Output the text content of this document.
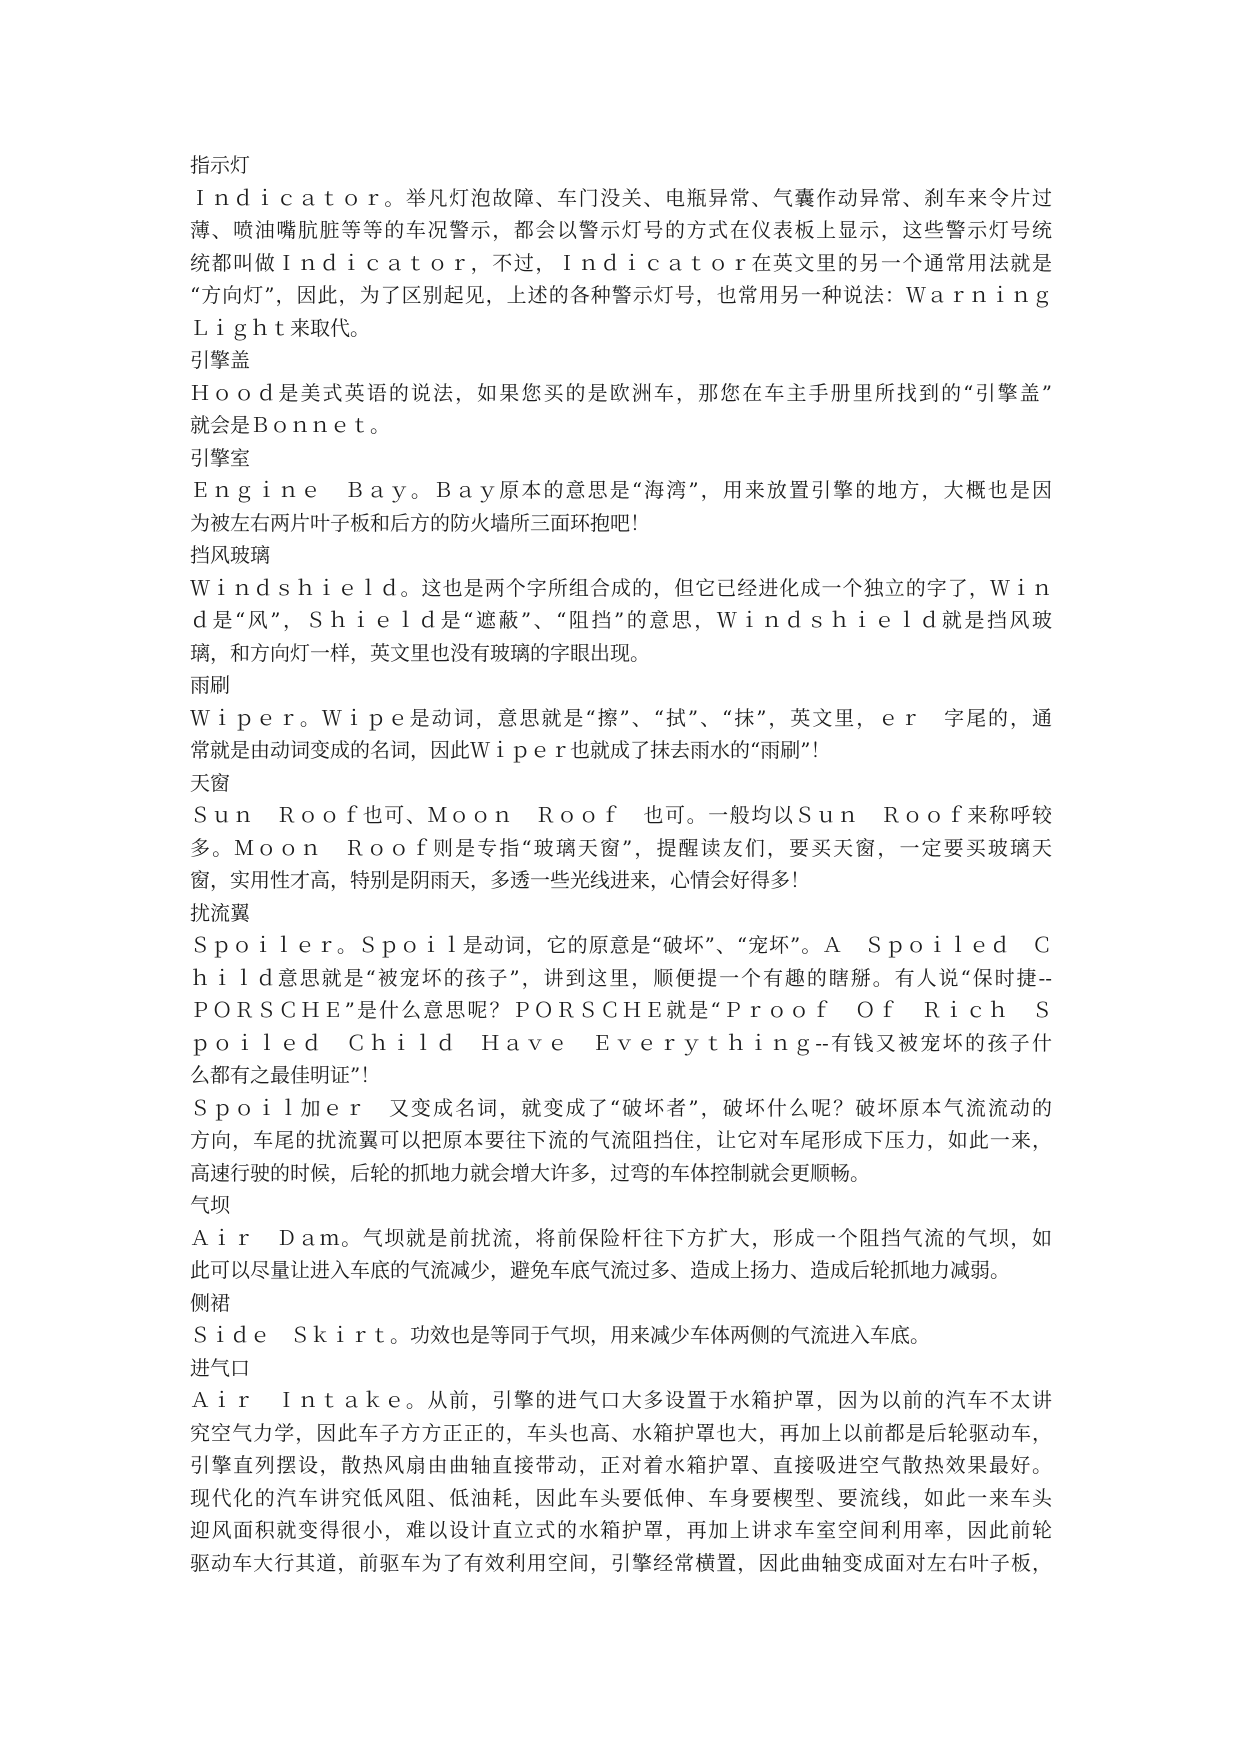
指示灯
Ｉｎｄｉｃａｔｏｒ。举凡灯泡故障、车门没关、电瓶异常、气囊作动异常、刹车来令片过
薄、喷油嘴肮脏等等的车况警示，都会以警示灯号的方式在仪表板上显示，这些警示灯号统
统都叫做Ｉｎｄｉｃａｔｏｒ，不过，Ｉｎｄｉｃａｔｏｒ在英文里的另一个通常用法就是
“方向灯”，因此，为了区别起见，上述的各种警示灯号，也常用另一种说法：Ｗａｒｎｉｎｇ
Ｌｉｇｈｔ来取代。
引擎盖
Ｈｏｏｄ是美式英语的说法，如果您买的是欧洲车，那您在车主手册里所找到的“引擎盖”
就会是Ｂｏｎｎｅｔ。
引擎室
Ｅｎｇｉｎｅ　Ｂａｙ。Ｂａｙ原本的意思是“海湾”，用来放置引擎的地方，大概也是因
为被左右两片叶子板和后方的防火墙所三面环抱吧！
挡风玻璃
Ｗｉｎｄｓｈｉｅｌｄ。这也是两个字所组合成的，但它已经进化成一个独立的字了，Ｗｉｎ
ｄ是“风”，Ｓｈｉｅｌｄ是“遮蔽”、“阻挡”的意思，Ｗｉｎｄｓｈｉｅｌｄ就是挡风玻
璃，和方向灯一样，英文里也没有玻璃的字眼出现。
雨刷
Ｗｉｐｅｒ。Ｗｉｐｅ是动词，意思就是“擦”、“拭”、“抹”，英文里，ｅｒ　字尾的，通
常就是由动词变成的名词，因此Ｗｉｐｅｒ也就成了抹去雨水的“雨刷”！
天窗
Ｓｕｎ　Ｒｏｏｆ也可、Ｍｏｏｎ　Ｒｏｏｆ　也可。一般均以Ｓｕｎ　Ｒｏｏｆ来称呼较
多。Ｍｏｏｎ　Ｒｏｏｆ则是专指“玻璃天窗”，提醒读友们，要买天窗，一定要买玻璃天
窗，实用性才高，特别是阴雨天，多透一些光线进来，心情会好得多！
扰流翼
Ｓｐｏｉｌｅｒ。Ｓｐｏｉｌ是动词，它的原意是“破坏”、“宠坏”。Ａ　Ｓｐｏｉｌｅｄ　Ｃ
ｈｉｌｄ意思就是“被宠坏的孩子”，讲到这里，顺便提一个有趣的瞎掰。有人说“保时捷--
ＰＯＲＳＣＨＥ”是什么意思呢？ＰＯＲＳＣＨＥ就是“Ｐｒｏｏｆ　Ｏｆ　Ｒｉｃｈ　Ｓ
ｐｏｉｌｅｄ　Ｃｈｉｌｄ　Ｈａｖｅ　Ｅｖｅｒｙｔｈｉｎｇ--有钱又被宠坏的孩子什
么都有之最佳明证”！
Ｓｐｏｉｌ加ｅｒ　又变成名词，就变成了“破坏者”，破坏什么呢？破坏原本气流流动的
方向，车尾的扰流翼可以把原本要往下流的气流阻挡住，让它对车尾形成下压力，如此一来，
高速行驶的时候，后轮的抓地力就会增大许多，过弯的车体控制就会更顺畅。
气坝
Ａｉｒ　Ｄａｍ。气坝就是前扰流，将前保险杆往下方扩大，形成一个阻挡气流的气坝，如
此可以尽量让进入车底的气流减少，避免车底气流过多、造成上扬力、造成后轮抓地力减弱。
侧裙
Ｓｉｄｅ　Ｓｋｉｒｔ。功效也是等同于气坝，用来减少车体两侧的气流进入车底。
进气口
Ａｉｒ　Ｉｎｔａｋｅ。从前，引擎的进气口大多设置于水箱护罩，因为以前的汽车不太讲
究空气力学，因此车子方方正正的，车头也高、水箱护罩也大，再加上以前都是后轮驱动车，
引擎直列摆设，散热风扇由曲轴直接带动，正对着水箱护罩、直接吸进空气散热效果最好。
现代化的汽车讲究低风阻、低油耗，因此车头要低伸、车身要楔型、要流线，如此一来车头
迎风面积就变得很小，难以设计直立式的水箱护罩，再加上讲求车室空间利用率，因此前轮
驱动车大行其道，前驱车为了有效利用空间，引擎经常横置，因此曲轴变成面对左右叶子板，
